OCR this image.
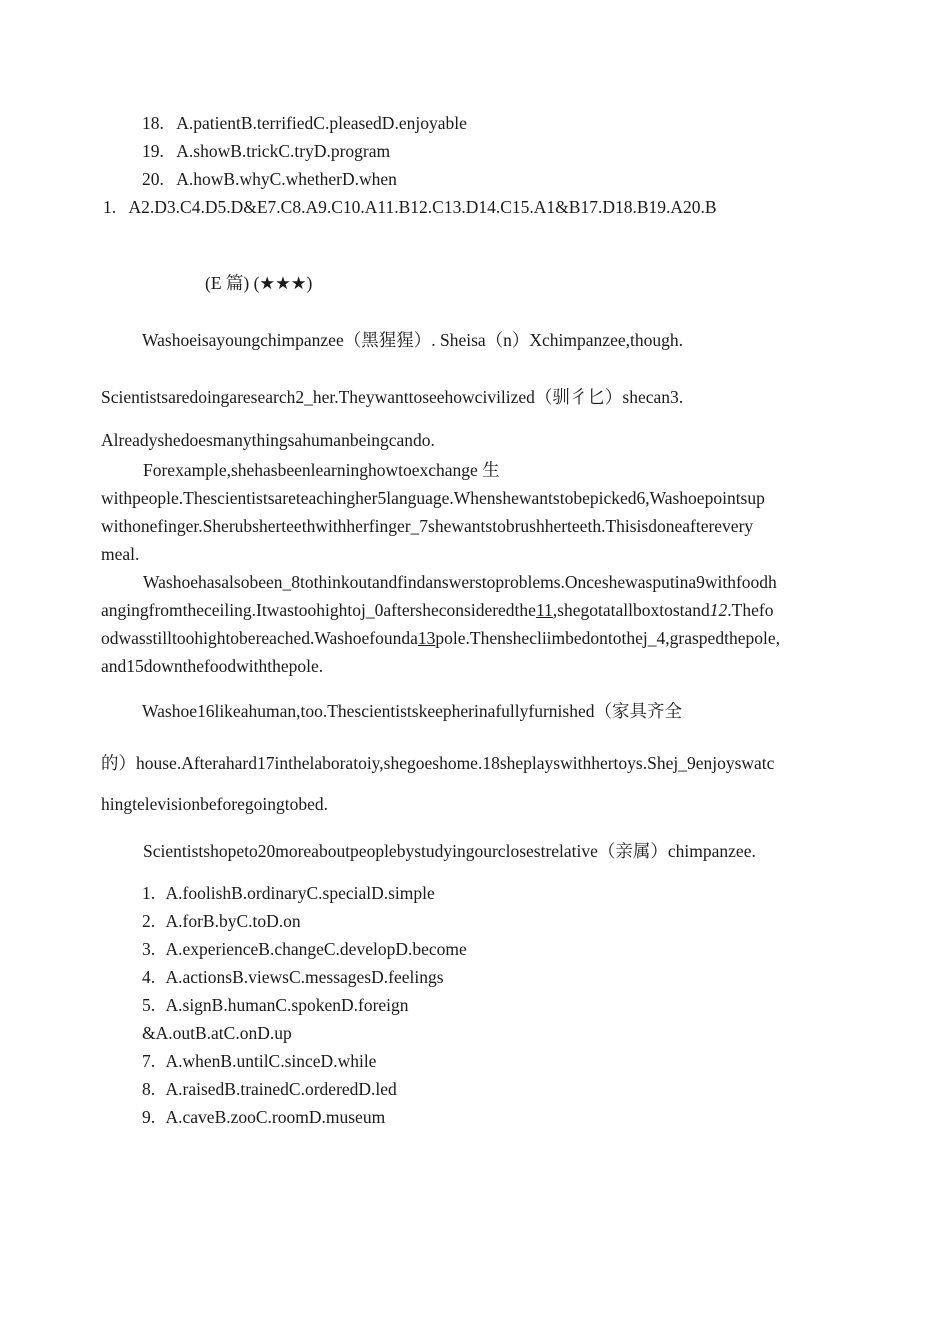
18. A.patientB.terrifiedC.pleasedD.enjoyable
19. A.showB.trickC.tryD.program
20. A.howB.whyC.whetherD.when
1. A2.D3.C4.D5.D&E7.C8.A9.C10.A11.B12.C13.D14.C15.A1&B17.D18.B19.A20.B
(E 篇) (★★★)
Washoeisayoungchimpanzee（黑猩猩）. Sheisa（n）Xchimpanzee,though.
Scientistsaredoingaresearch2_her.Theywanttoseehowcivilized（驯彳匕）shecan3.
Alreadyshedoesmanythingsahumanbeingcando.
Forexample,shehasbeenlearninghowtoexchange 生
withpeople.Thescientistsareteachingher5language.Whenshewantstobepicked6,Washoepointsup
withonefinger.Sherubsherteethwithherfinger_7shewantstobrushherteeth.Thisisdoneafterevery
meal.
Washoehasalsobeen_8tothinkoutandfindanswerstoproblems.Onceshewasputina9withfoodh
angingfromtheceiling.Itwastoohightoj_0aftersheconsideredthe11,shegotatallboxtostand12.Thefo
odwasstilltoohightobereached.Washoefounda13pole.Thenshecliimbedontothej_4,graspedthepole,
and15downthefoodwiththepole.
Washoe16likeahuman,too.Thescientistskeepherinafullyfurnished（家具齐全
的）house.Afterahard17inthelaboratoiy,shegoeshome.18sheplayswithhertoys.Shej_9enjoyswatc
hingtelevisionbeforegoingtobed.
Scientistshopeto20moreaboutpeoplebystudyingourclosestrelative（亲属）chimpanzee.
1. A.foolishB.ordinaryC.specialD.simple
2. A.forB.byC.toD.on
3. A.experienceB.changeC.developD.become
4. A.actionsB.viewsC.messagesD.feelings
5. A.signB.humanC.spokenD.foreign
&A.outB.atC.onD.up
7. A.whenB.untilC.sinceD.while
8. A.raisedB.trainedC.orderedD.led
9. A.caveB.zooC.roomD.museum
